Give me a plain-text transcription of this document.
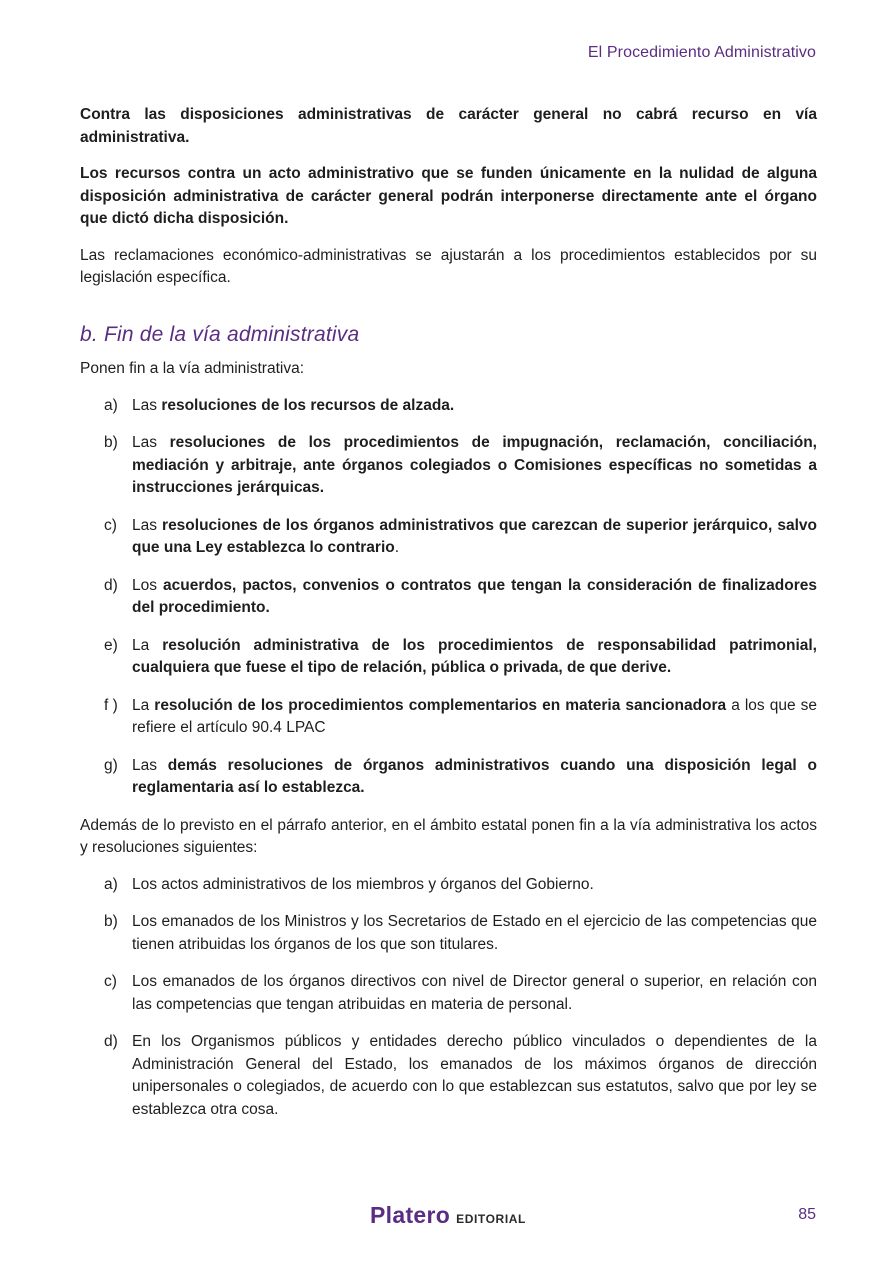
El Procedimiento Administrativo

Contra las disposiciones administrativas de carácter general no cabrá recurso en vía administrativa.

Los recursos contra un acto administrativo que se funden únicamente en la nulidad de alguna disposición administrativa de carácter general podrán interponerse directamente ante el órgano que dictó dicha disposición.

Las reclamaciones económico-administrativas se ajustarán a los procedimientos establecidos por su legislación específica.

b. Fin de la vía administrativa

Ponen fin a la vía administrativa:

a) Las resoluciones de los recursos de alzada.
b) Las resoluciones de los procedimientos de impugnación, reclamación, conciliación, mediación y arbitraje, ante órganos colegiados o Comisiones específicas no sometidas a instrucciones jerárquicas.
c) Las resoluciones de los órganos administrativos que carezcan de superior jerárquico, salvo que una Ley establezca lo contrario.
d) Los acuerdos, pactos, convenios o contratos que tengan la consideración de finalizadores del procedimiento.
e) La resolución administrativa de los procedimientos de responsabilidad patrimonial, cualquiera que fuese el tipo de relación, pública o privada, de que derive.
f ) La resolución de los procedimientos complementarios en materia sancionadora a los que se refiere el artículo 90.4 LPAC
g) Las demás resoluciones de órganos administrativos cuando una disposición legal o reglamentaria así lo establezca.

Además de lo previsto en el párrafo anterior, en el ámbito estatal ponen fin a la vía administrativa los actos y resoluciones siguientes:

a) Los actos administrativos de los miembros y órganos del Gobierno.
b) Los emanados de los Ministros y los Secretarios de Estado en el ejercicio de las competencias que tienen atribuidas los órganos de los que son titulares.
c) Los emanados de los órganos directivos con nivel de Director general o superior, en relación con las competencias que tengan atribuidas en materia de personal.
d) En los Organismos públicos y entidades derecho público vinculados o dependientes de la Administración General del Estado, los emanados de los máximos órganos de dirección unipersonales o colegiados, de acuerdo con lo que establezcan sus estatutos, salvo que por ley se establezca otra cosa.
Platero EDITORIAL	85
